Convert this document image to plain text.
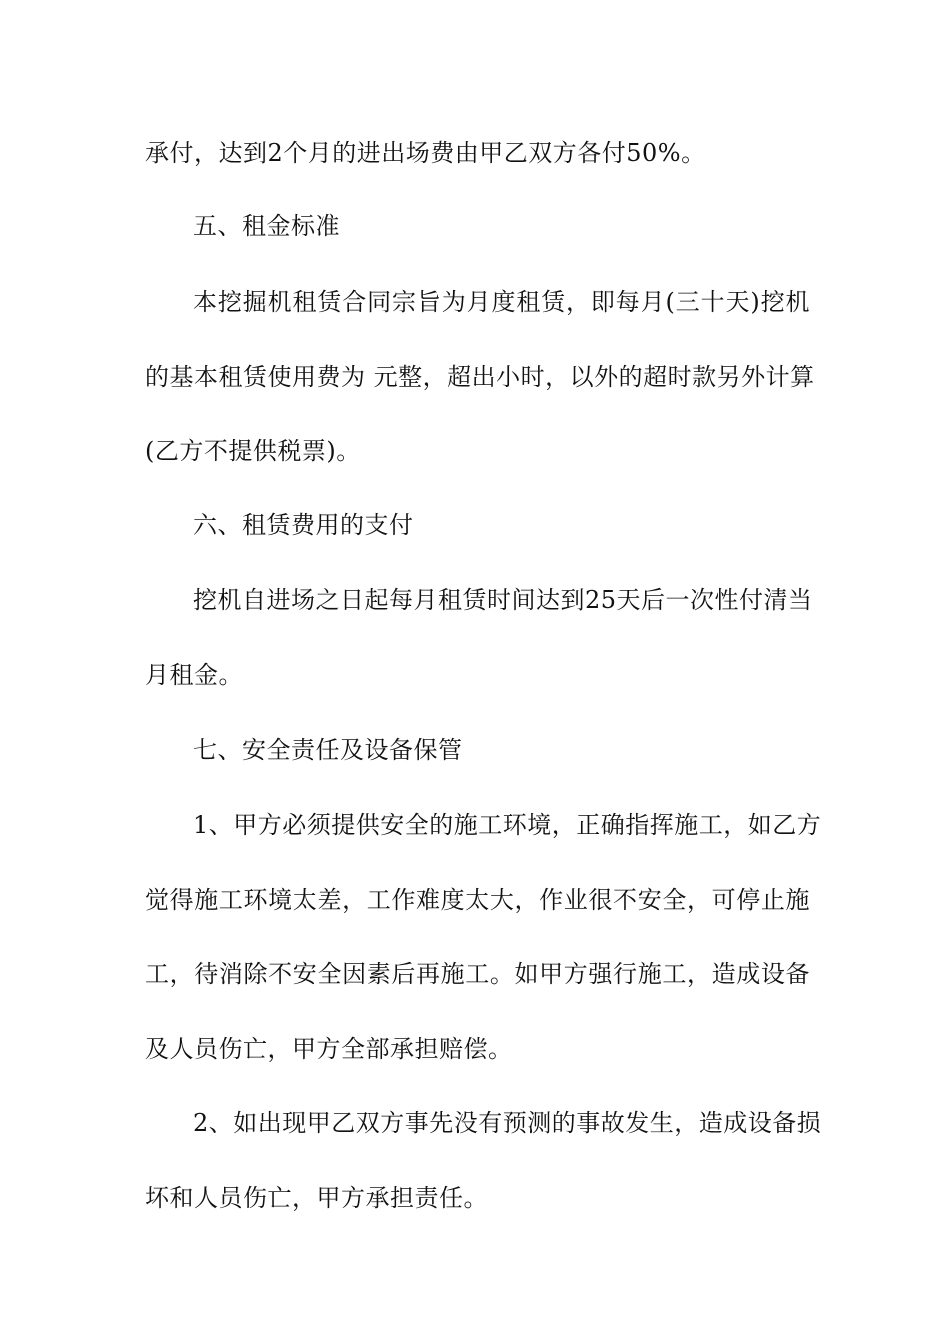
承付，达到2个月的进出场费由甲乙双方各付50%。
五、租金标准
本挖掘机租赁合同宗旨为月度租赁，即每月(三十天)挖机
的基本租赁使用费为 元整，超出小时，以外的超时款另外计算
(乙方不提供税票)。
六、租赁费用的支付
挖机自进场之日起每月租赁时间达到25天后一次性付清当
月租金。
七、安全责任及设备保管
1、甲方必须提供安全的施工环境，正确指挥施工，如乙方
觉得施工环境太差，工作难度太大，作业很不安全，可停止施
工，待消除不安全因素后再施工。如甲方强行施工，造成设备
及人员伤亡，甲方全部承担赔偿。
2、如出现甲乙双方事先没有预测的事故发生，造成设备损
坏和人员伤亡，甲方承担责任。
